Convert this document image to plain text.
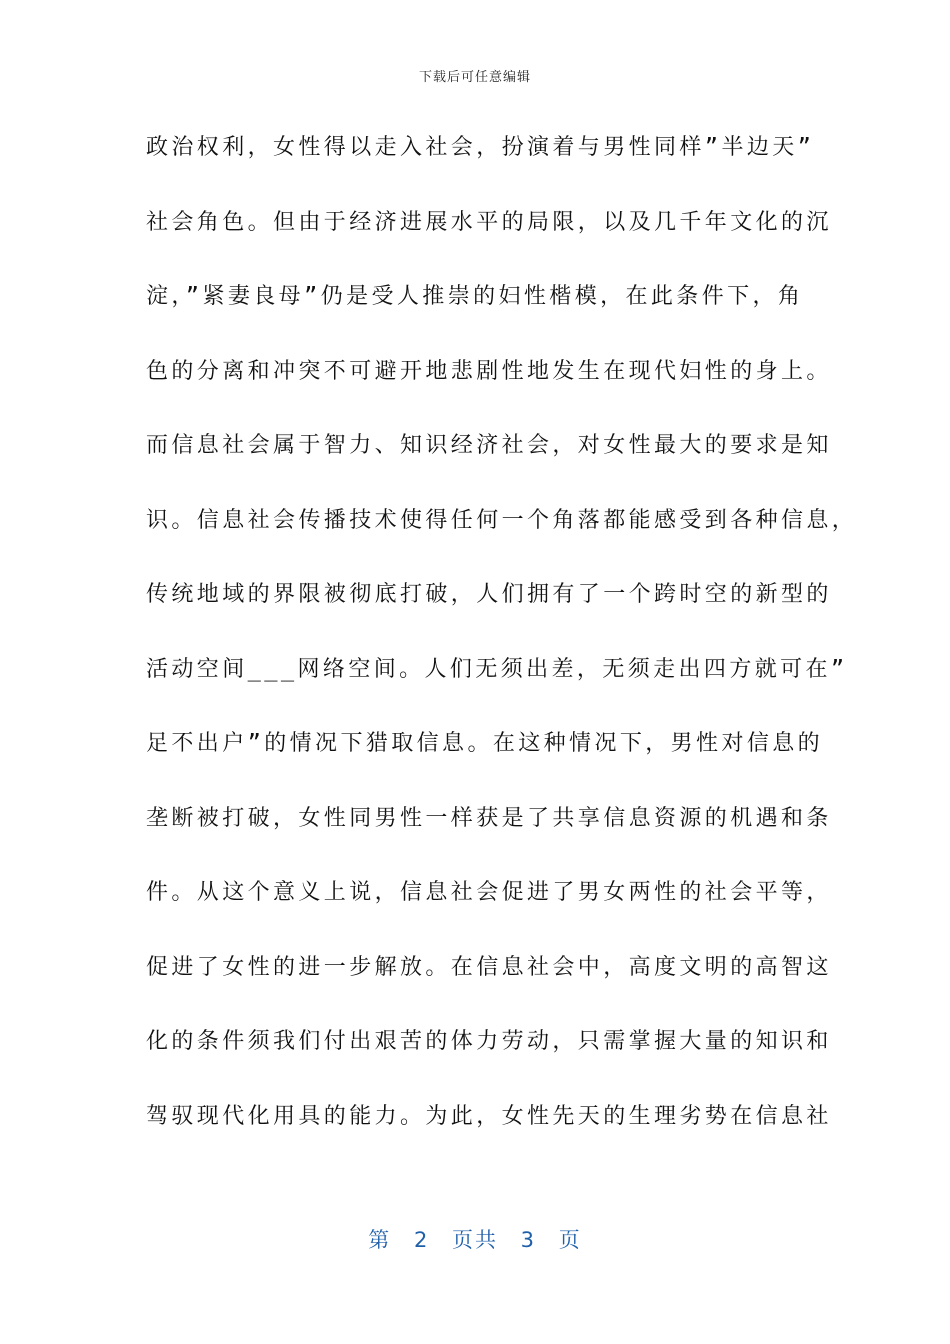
下载后可任意编辑
政治权利，女性得以走入社会，扮演着与男性同样”半边天”
社会角色。但由于经济进展水平的局限，以及几千年文化的沉
淀，”紧妻良母”仍是受人推崇的妇性楷模，在此条件下，角
色的分离和冲突不可避开地悲剧性地发生在现代妇性的身上。
而信息社会属于智力、知识经济社会，对女性最大的要求是知
识。信息社会传播技术使得任何一个角落都能感受到各种信息，
传统地域的界限被彻底打破，人们拥有了一个跨时空的新型的
活动空间___网络空间。人们无须出差，无须走出四方就可在”
足不出户”的情况下猎取信息。在这种情况下，男性对信息的
垄断被打破，女性同男性一样获是了共享信息资源的机遇和条
件。从这个意义上说，信息社会促进了男女两性的社会平等，
促进了女性的进一步解放。在信息社会中，高度文明的高智这
化的条件须我们付出艰苦的体力劳动，只需掌握大量的知识和
驾驭现代化用具的能力。为此，女性先天的生理劣势在信息社
第 2 页共 3 页
